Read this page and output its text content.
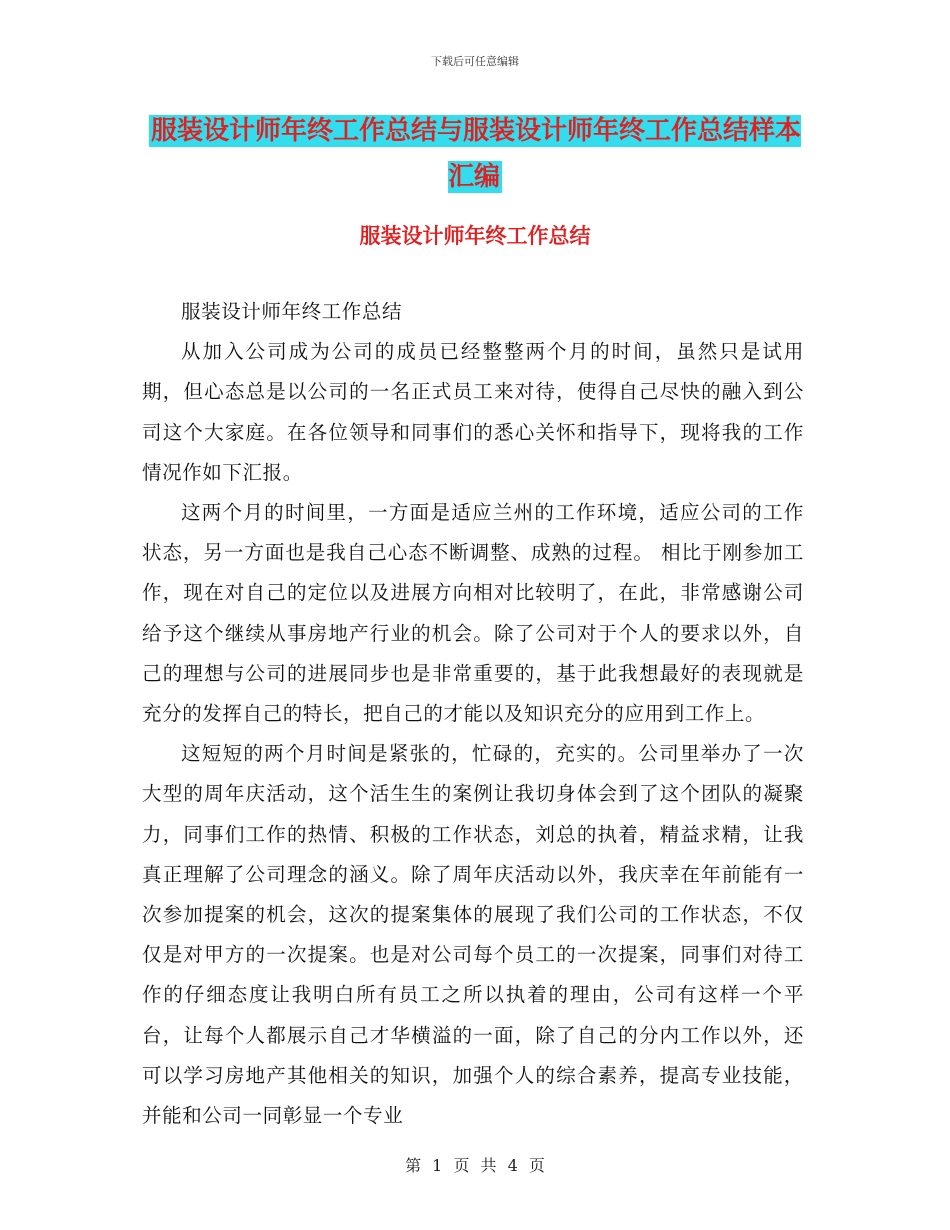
下载后可任意编辑
服装设计师年终工作总结与服装设计师年终工作总结样本汇编
服装设计师年终工作总结

服装设计师年终工作总结

从加入公司成为公司的成员已经整整两个月的时间，虽然只是试用期，但心态总是以公司的一名正式员工来对待，使得自己尽快的融入到公司这个大家庭。在各位领导和同事们的悉心关怀和指导下，现将我的工作情况作如下汇报。

这两个月的时间里，一方面是适应兰州的工作环境，适应公司的工作状态，另一方面也是我自己心态不断调整、成熟的过程。 相比于刚参加工作，现在对自己的定位以及进展方向相对比较明了，在此，非常感谢公司给予这个继续从事房地产行业的机会。除了公司对于个人的要求以外，自己的理想与公司的进展同步也是非常重要的，基于此我想最好的表现就是充分的发挥自己的特长，把自己的才能以及知识充分的应用到工作上。

这短短的两个月时间是紧张的，忙碌的，充实的。公司里举办了一次大型的周年庆活动，这个活生生的案例让我切身体会到了这个团队的凝聚力，同事们工作的热情、积极的工作状态，刘总的执着，精益求精，让我真正理解了公司理念的涵义。除了周年庆活动以外，我庆幸在年前能有一次参加提案的机会，这次的提案集体的展现了我们公司的工作状态，不仅仅是对甲方的一次提案。也是对公司每个员工的一次提案，同事们对待工作的仔细态度让我明白所有员工之所以执着的理由，公司有这样一个平台，让每个人都展示自己才华横溢的一面，除了自己的分内工作以外，还可以学习房地产其他相关的知识，加强个人的综合素养，提高专业技能，并能和公司一同彰显一个专业

第 1 页 共 4 页
